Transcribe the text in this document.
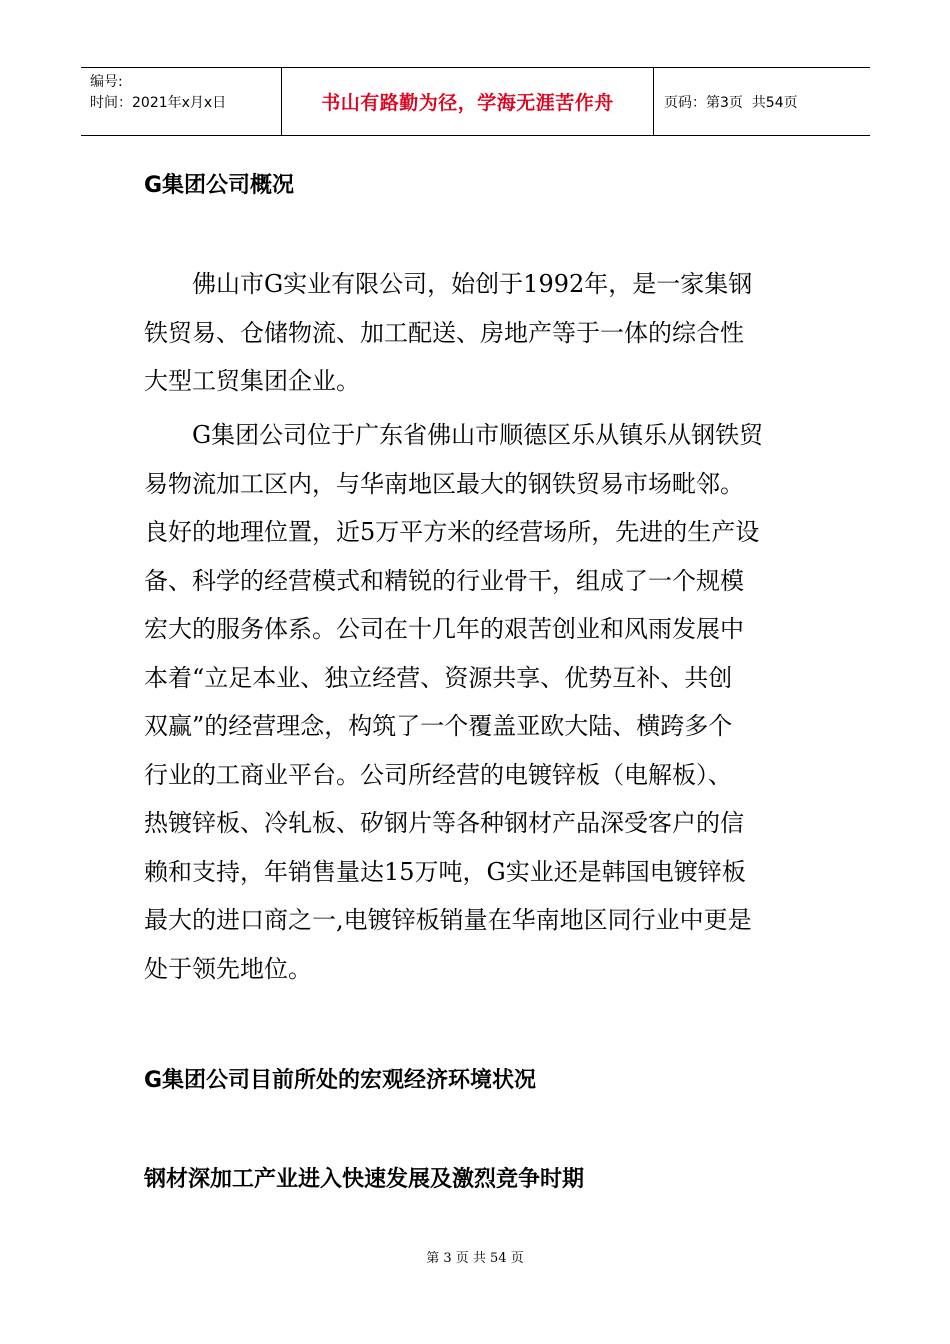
编号:
时间：2021年x月x日	书山有路勤为径，学海无涯苦作舟	页码：第3页  共54页
G集团公司概况
　　佛山市G实业有限公司，始创于1992年，是一家集钢
铁贸易、仓储物流、加工配送、房地产等于一体的综合性
大型工贸集团企业。
　　G集团公司位于广东省佛山市顺德区乐从镇乐从钢铁贸
易物流加工区内，与华南地区最大的钢铁贸易市场毗邻。
良好的地理位置，近5万平方米的经营场所，先进的生产设
备、科学的经营模式和精锐的行业骨干，组成了一个规模
宏大的服务体系。公司在十几年的艰苦创业和风雨发展中
本着“立足本业、独立经营、资源共享、优势互补、共创
双赢”的经营理念，构筑了一个覆盖亚欧大陆、横跨多个
行业的工商业平台。公司所经营的电镀锌板（电解板）、
热镀锌板、冷轧板、矽钢片等各种钢材产品深受客户的信
赖和支持，年销售量达15万吨，G实业还是韩国电镀锌板
最大的进口商之一,电镀锌板销量在华南地区同行业中更是
处于领先地位。
G集团公司目前所处的宏观经济环境状况
钢材深加工产业进入快速发展及激烈竞争时期
第 3 页 共 54 页
